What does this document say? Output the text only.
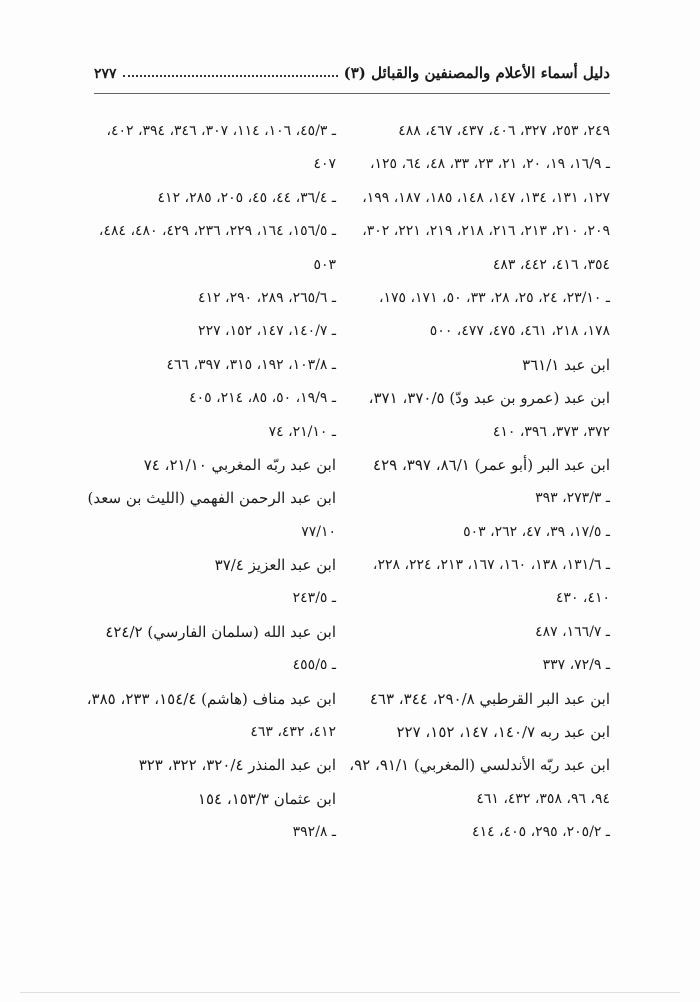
دليل أسماء الأعلام والمصنفين والقبائل (٣)
٢٧٧
٢٤٩، ٢٥٣، ٣٢٧، ٤٠٦، ٤٣٧، ٤٦٧، ٤٨٨
ـ ١٦/٩، ١٩، ٢٠، ٢١، ٢٣، ٣٣، ٤٨، ٦٤، ١٢٥،
١٢٧، ١٣١، ١٣٤، ١٤٧، ١٤٨، ١٨٥، ١٨٧، ١٩٩،
٢٠٩، ٢١٠، ٢١٣، ٢١٦، ٢١٨، ٢١٩، ٢٢١، ٣٠٢،
٣٥٤، ٤١٦، ٤٤٢، ٤٨٣
ـ ٢٣/١٠، ٢٤، ٢٥، ٢٨، ٣٣، ٥٠، ١٧١، ١٧٥،
١٧٨، ٢١٨، ٤٦١، ٤٧٥، ٤٧٧، ٥٠٠
ابن عبد ٣٦١/١
ابن عبد (عمرو بن عبد ودّ) ٣٧٠/٥، ٣٧١،
٣٧٢، ٣٧٣، ٣٩٦، ٤١٠
ابن عبد البر (أبو عمر) ٨٦/١، ٣٩٧، ٤٢٩
ـ ٢٧٣/٣، ٣٩٣
ـ ١٧/٥، ٣٩، ٤٧، ٢٦٢، ٥٠٣
ـ ١٣١/٦، ١٣٨، ١٦٠، ١٦٧، ٢١٣، ٢٢٤، ٢٢٨،
٤١٠، ٤٣٠
ـ ١٦٦/٧، ٤٨٧
ـ ٧٢/٩، ٣٣٧
ابن عبد البر القرطبي ٢٩٠/٨، ٣٤٤، ٤٦٣
ابن عبد ربه ١٤٠/٧، ١٤٧، ١٥٢، ٢٢٧
ابن عبد ربّه الأندلسي (المغربي) ٩١/١، ٩٢،
٩٤، ٩٦، ٣٥٨، ٤٣٢، ٤٦١
ـ ٢٠٥/٢، ٢٩٥، ٤٠٥، ٤١٤
ـ ٤٥/٣، ١٠٦، ١١٤، ٣٠٧، ٣٤٦، ٣٩٤، ٤٠٢،
٤٠٧
ـ ٣٦/٤، ٤٤، ٤٥، ٢٠٥، ٢٨٥، ٤١٢
ـ ١٥٦/٥، ١٦٤، ٢٢٩، ٢٣٦، ٤٢٩، ٤٨٠، ٤٨٤،
٥٠٣
ـ ٢٦٥/٦، ٢٨٩، ٢٩٠، ٤١٢
ـ ١٤٠/٧، ١٤٧، ١٥٢، ٢٢٧
ـ ١٠٣/٨، ١٩٢، ٣١٥، ٣٩٧، ٤٦٦
ـ ١٩/٩، ٥٠، ٨٥، ٢١٤، ٤٠٥
ـ ٢١/١٠، ٧٤
ابن عبد ربّه المغربي ٢١/١٠، ٧٤
ابن عبد الرحمن الفهمي (الليث بن سعد)
٧٧/١٠
ابن عبد العزيز ٣٧/٤
ـ ٢٤٣/٥
ابن عبد الله (سلمان الفارسي) ٤٢٤/٢
ـ ٤٥٥/٥
ابن عبد مناف (هاشم) ١٥٤/٤، ٢٣٣، ٣٨٥،
٤١٢، ٤٣٢، ٤٦٣
ابن عبد المنذر ٣٢٠/٤، ٣٢٢، ٣٢٣
ابن عثمان ١٥٣/٣، ١٥٤
ـ ٣٩٢/٨
